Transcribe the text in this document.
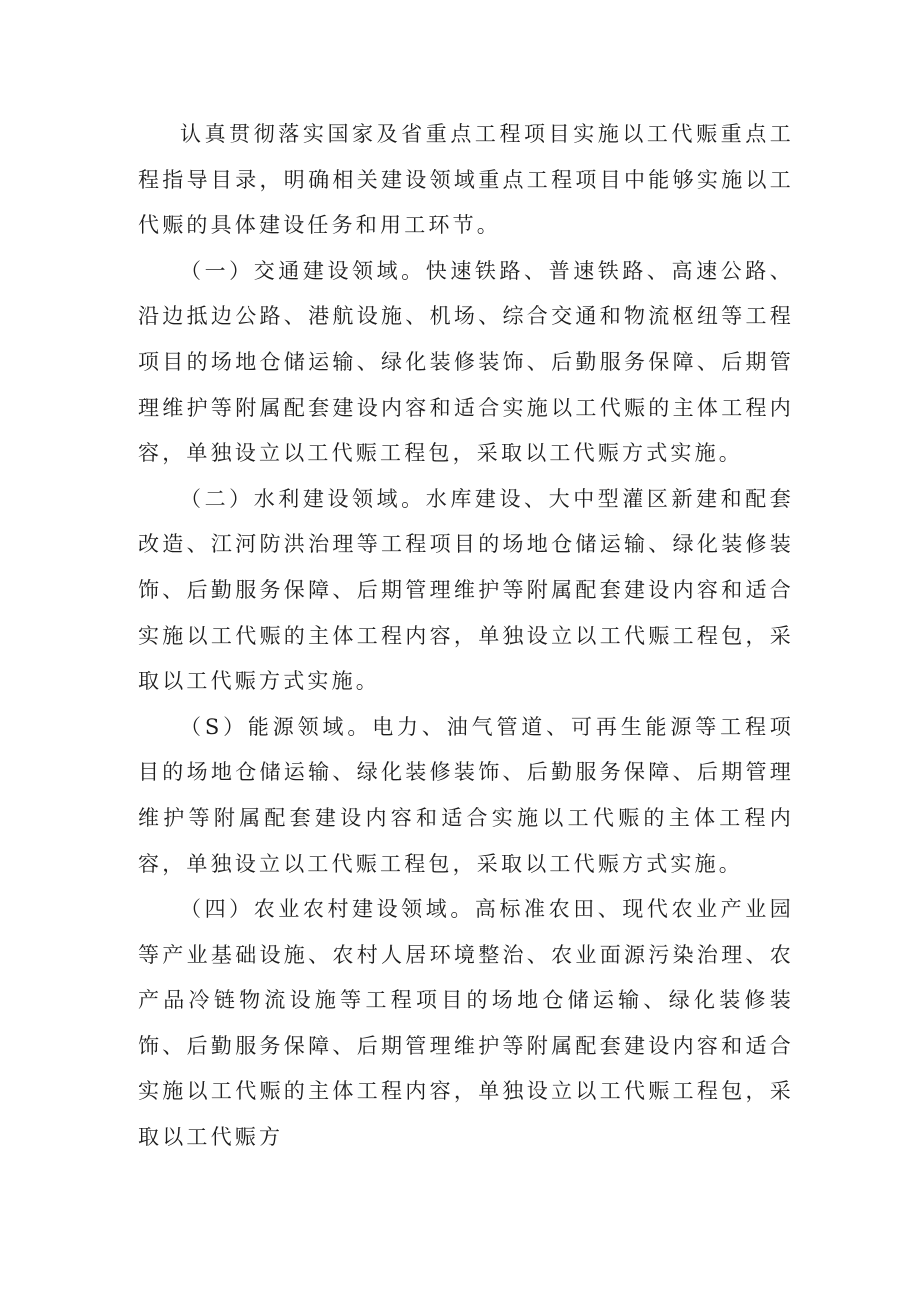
认真贯彻落实国家及省重点工程项目实施以工代赈重点工程指导目录，明确相关建设领域重点工程项目中能够实施以工代赈的具体建设任务和用工环节。

（一）交通建设领域。快速铁路、普速铁路、高速公路、沿边抵边公路、港航设施、机场、综合交通和物流枢纽等工程项目的场地仓储运输、绿化装修装饰、后勤服务保障、后期管理维护等附属配套建设内容和适合实施以工代赈的主体工程内容，单独设立以工代赈工程包，采取以工代赈方式实施。

（二）水利建设领域。水库建设、大中型灌区新建和配套改造、江河防洪治理等工程项目的场地仓储运输、绿化装修装饰、后勤服务保障、后期管理维护等附属配套建设内容和适合实施以工代赈的主体工程内容，单独设立以工代赈工程包，采取以工代赈方式实施。

（S）能源领域。电力、油气管道、可再生能源等工程项目的场地仓储运输、绿化装修装饰、后勤服务保障、后期管理维护等附属配套建设内容和适合实施以工代赈的主体工程内容，单独设立以工代赈工程包，采取以工代赈方式实施。

（四）农业农村建设领域。高标准农田、现代农业产业园等产业基础设施、农村人居环境整治、农业面源污染治理、农产品冷链物流设施等工程项目的场地仓储运输、绿化装修装饰、后勤服务保障、后期管理维护等附属配套建设内容和适合实施以工代赈的主体工程内容，单独设立以工代赈工程包，采取以工代赈方
